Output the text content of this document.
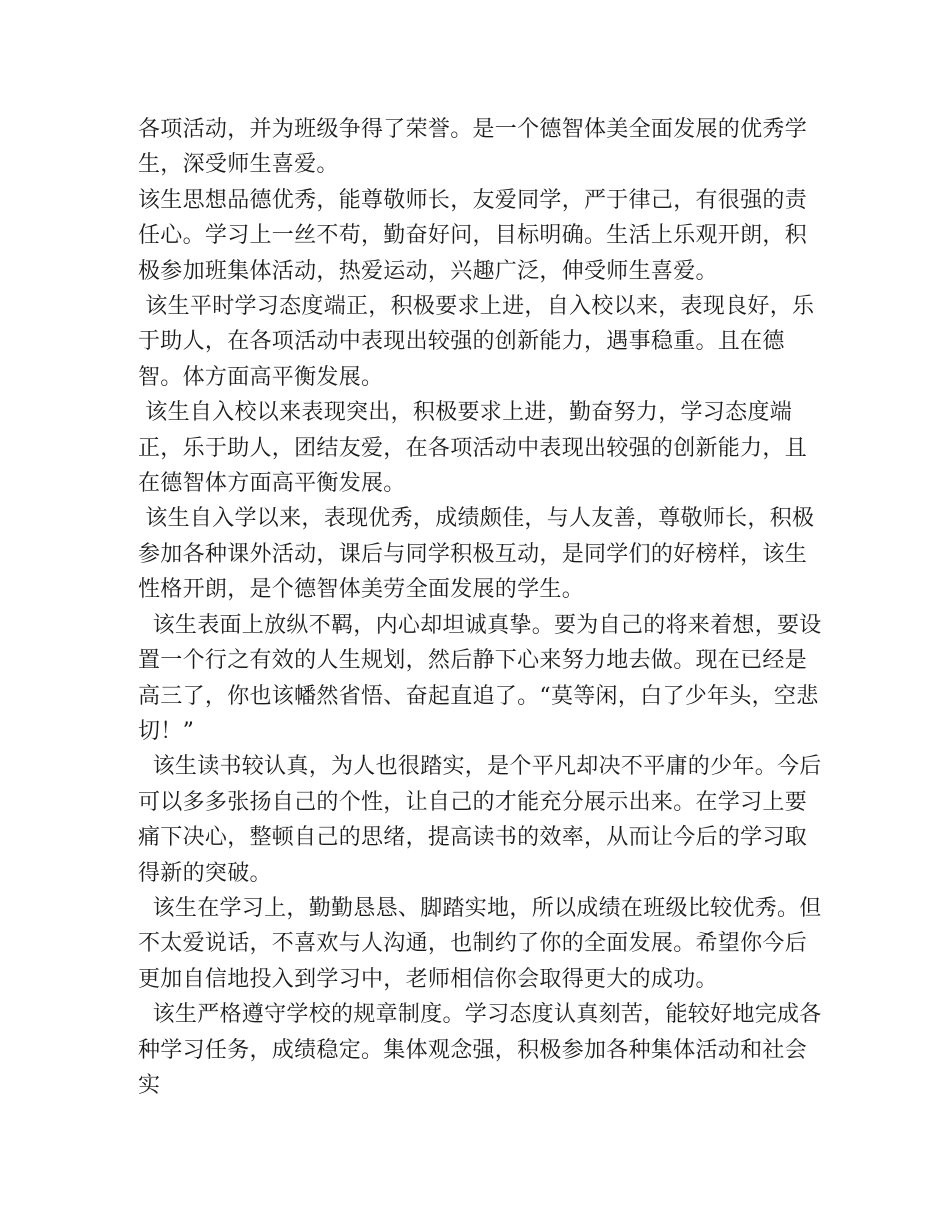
各项活动，并为班级争得了荣誉。是一个德智体美全面发展的优秀学生，深受师生喜爱。

该生思想品德优秀，能尊敬师长，友爱同学，严于律己，有很强的责任心。学习上一丝不苟，勤奋好问，目标明确。生活上乐观开朗，积极参加班集体活动，热爱运动，兴趣广泛，伸受师生喜爱。

该生平时学习态度端正，积极要求上进，自入校以来，表现良好，乐于助人，在各项活动中表现出较强的创新能力，遇事稳重。且在德智。体方面高平衡发展。

该生自入校以来表现突出，积极要求上进，勤奋努力，学习态度端正，乐于助人，团结友爱，在各项活动中表现出较强的创新能力，且在德智体方面高平衡发展。

该生自入学以来，表现优秀，成绩颇佳，与人友善，尊敬师长，积极参加各种课外活动，课后与同学积极互动，是同学们的好榜样，该生性格开朗，是个德智体美劳全面发展的学生。

该生表面上放纵不羁，内心却坦诚真挚。要为自己的将来着想，要设置一个行之有效的人生规划，然后静下心来努力地去做。现在已经是高三了，你也该幡然省悟、奋起直追了。“莫等闲，白了少年头，空悲切！”

该生读书较认真，为人也很踏实，是个平凡却决不平庸的少年。今后可以多多张扬自己的个性，让自己的才能充分展示出来。在学习上要痛下决心，整顿自己的思绪，提高读书的效率，从而让今后的学习取得新的突破。

该生在学习上，勤勤恳恳、脚踏实地，所以成绩在班级比较优秀。但不太爱说话，不喜欢与人沟通，也制约了你的全面发展。希望你今后更加自信地投入到学习中，老师相信你会取得更大的成功。

该生严格遵守学校的规章制度。学习态度认真刻苦，能较好地完成各种学习任务，成绩稳定。集体观念强，积极参加各种集体活动和社会实
